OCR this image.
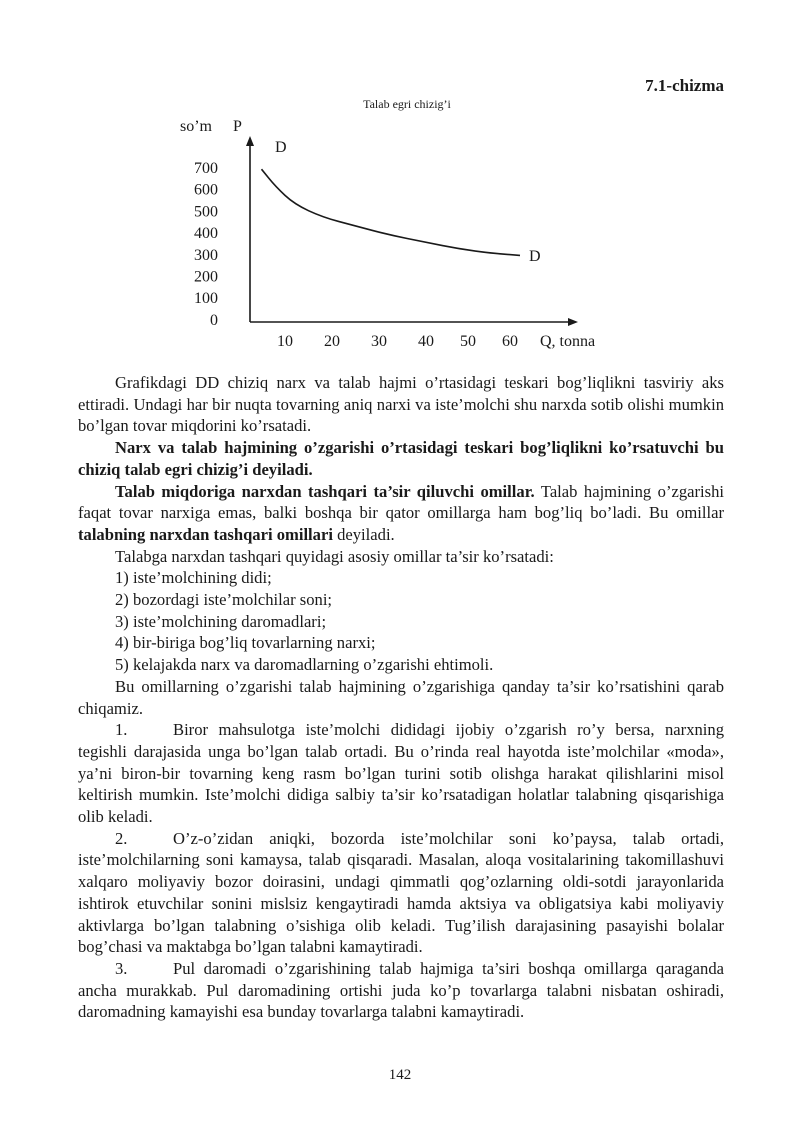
7.1-chizma
Talab egri chizig’i
so’m P
700
600
500
400
300
200
100
0
10 20 30 40 50 60 Q, tonna
D
D

Grafikdagi DD chiziq narx va talab hajmi o’rtasidagi teskari bog’liqlikni tasviriy aks ettiradi. Undagi har bir nuqta tovarning aniq narxi va iste’molchi shu narxda sotib olishi mumkin bo’lgan tovar miqdorini ko’rsatadi.

Narx va talab hajmining o’zgarishi o’rtasidagi teskari bog’liqlikni ko’rsatuvchi bu chiziq talab egri chizig’i deyiladi.

Talab miqdoriga narxdan tashqari ta’sir qiluvchi omillar. Talab hajmining o’zgarishi faqat tovar narxiga emas, balki boshqa bir qator omillarga ham bog’liq bo’ladi. Bu omillar talabning narxdan tashqari omillari deyiladi.

Talabga narxdan tashqari quyidagi asosiy omillar ta’sir ko’rsatadi:

1) iste’molchining didi;

2) bozordagi iste’molchilar soni;

3) iste’molchining daromadlari;

4) bir-biriga bog’liq tovarlarning narxi;

5) kelajakda narx va daromadlarning o’zgarishi ehtimoli.

Bu omillarning o’zgarishi talab hajmining o’zgarishiga qanday ta’sir ko’rsatishini qarab chiqamiz.

1.	Biror mahsulotga iste’molchi dididagi ijobiy o’zgarish ro’y bersa, narxning tegishli darajasida unga bo’lgan talab ortadi. Bu o’rinda real hayotda iste’molchilar «moda», ya’ni biron-bir tovarning keng rasm bo’lgan turini sotib olishga harakat qilishlarini misol keltirish mumkin. Iste’molchi didiga salbiy ta’sir ko’rsatadigan holatlar talabning qisqarishiga olib keladi.

2.	O’z-o’zidan aniqki, bozorda iste’molchilar soni ko’paysa, talab ortadi, iste’molchilarning soni kamaysa, talab qisqaradi. Masalan, aloqa vositalarining takomillashuvi xalqaro moliyaviy bozor doirasini, undagi qimmatli qog’ozlarning oldi-sotdi jarayonlarida ishtirok etuvchilar sonini mislsiz kengaytiradi hamda aktsiya va obligatsiya kabi moliyaviy aktivlarga bo’lgan talabning o’sishiga olib keladi. Tug’ilish darajasining pasayishi bolalar bog’chasi va maktabga bo’lgan talabni kamaytiradi.

3.	Pul daromadi o’zgarishining talab hajmiga ta’siri boshqa omillarga qaraganda ancha murakkab. Pul daromadining ortishi juda ko’p tovarlarga talabni nisbatan oshiradi, daromadning kamayishi esa bunday tovarlarga talabni kamaytiradi.

142
